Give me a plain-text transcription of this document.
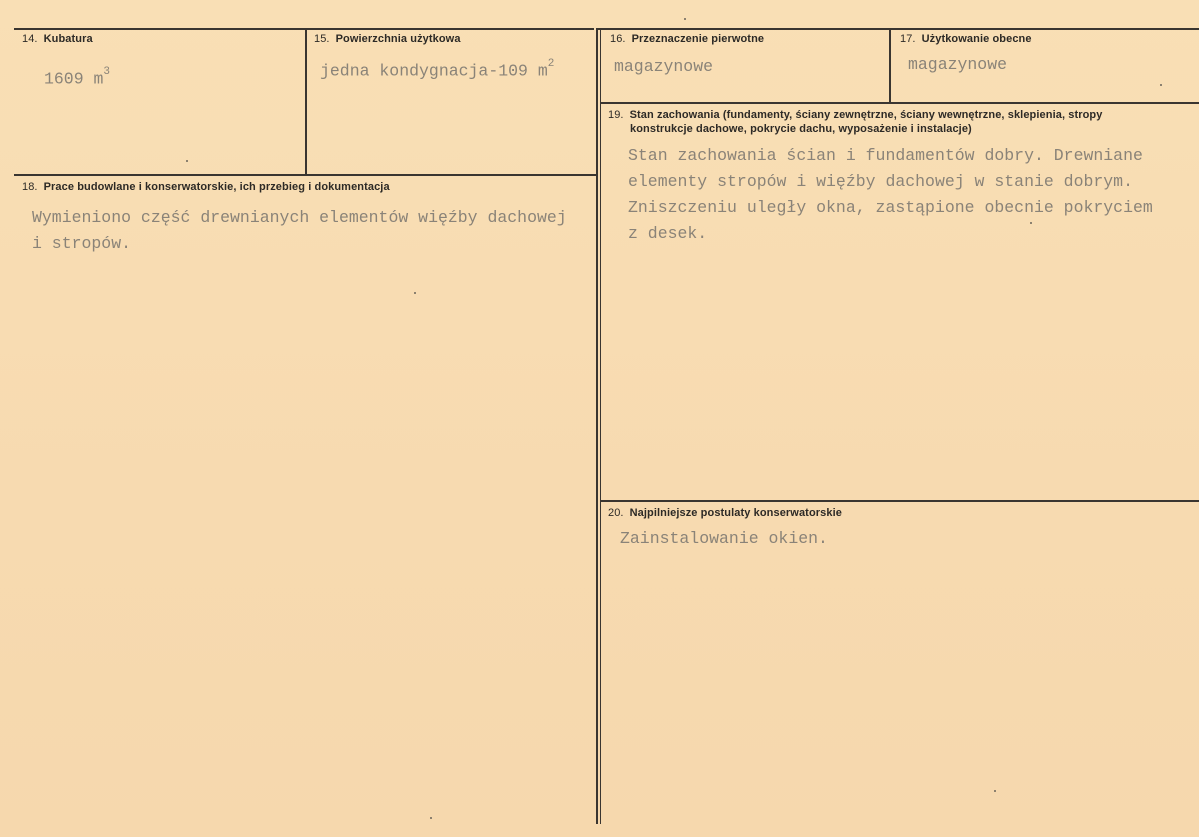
14. Kubatura
1609 $m^3$
15. Powierzchnia użytkowa
jedna kondygnacja-109 $m^2$
16. Przeznaczenie pierwotne
magazynowe
17. Użytkowanie obecne
magazynowe
18. Prace budowlane i konserwatorskie, ich przebieg i dokumentacja
Wymieniono część drewnianych elementów więźby dachowej
i stropów.
19. Stan zachowania (fundamenty, ściany zewnętrzne, ściany wewnętrzne, sklepienia, stropy
konstrukcje dachowe, pokrycie dachu, wyposażenie i instalacje)
Stan zachowania ścian i fundamentów dobry. Drewniane
elementy stropów i więźby dachowej w stanie dobrym.
Zniszczeniu uległy okna, zastąpione obecnie pokryciem
z desek.
20. Najpilniejsze postulaty konserwatorskie
Zainstalowanie okien.
